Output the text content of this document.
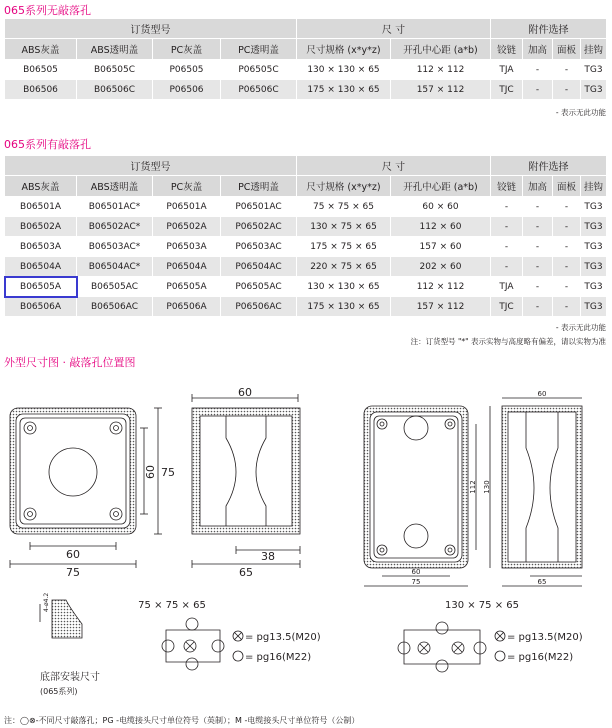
065系列无敲落孔
订货型号				尺 寸		附件选择			
ABS灰盖	ABS透明盖	PC灰盖	PC透明盖	尺寸规格 (x*y*z)	开孔中心距 (a*b)	铰链	加高	面板	挂钩
B06505	B06505C	P06505	P06505C	130 × 130 × 65	112 × 112	TJA	-	-	TG3
B06506	B06506C	P06506	P06506C	175 × 130 × 65	157 × 112	TJC	-	-	TG3
- 表示无此功能
065系列有敲落孔
订货型号				尺 寸		附件选择			
ABS灰盖	ABS透明盖	PC灰盖	PC透明盖	尺寸规格 (x*y*z)	开孔中心距 (a*b)	铰链	加高	面板	挂钩
B06501A	B06501AC*	P06501A	P06501AC	75 × 75 × 65	60 × 60	-	-	-	TG3
B06502A	B06502AC*	P06502A	P06502AC	130 × 75 × 65	112 × 60	-	-	-	TG3
B06503A	B06503AC*	P06503A	P06503AC	175 × 75 × 65	157 × 60	-	-	-	TG3
B06504A	B06504AC*	P06504A	P06504AC	220 × 75 × 65	202 × 60	-	-	-	TG3
B06505A	B06505AC	P06505A	P06505AC	130 × 130 × 65	112 × 112	TJA	-	-	TG3
B06506A	B06506AC	P06506A	P06506AC	175 × 130 × 65	157 × 112	TJC	-	-	TG3
- 表示无此功能
注：订货型号 "*" 表示实物与高度略有偏差，请以实物为准
外型尺寸图 · 敲落孔位置图
60
75
60 75
60
38
65
75 × 75 × 65
60
112 130
60
75	65
130 × 75 × 65
= pg13.5(M20)
= pg16(M22)
= pg13.5(M20)
= pg16(M22)
底部安装尺寸
(065系列)
4-ø4.2
注：◯⊗-不同尺寸敲落孔；PG -电缆接头尺寸单位符号（英制）；M -电缆接头尺寸单位符号（公制）
